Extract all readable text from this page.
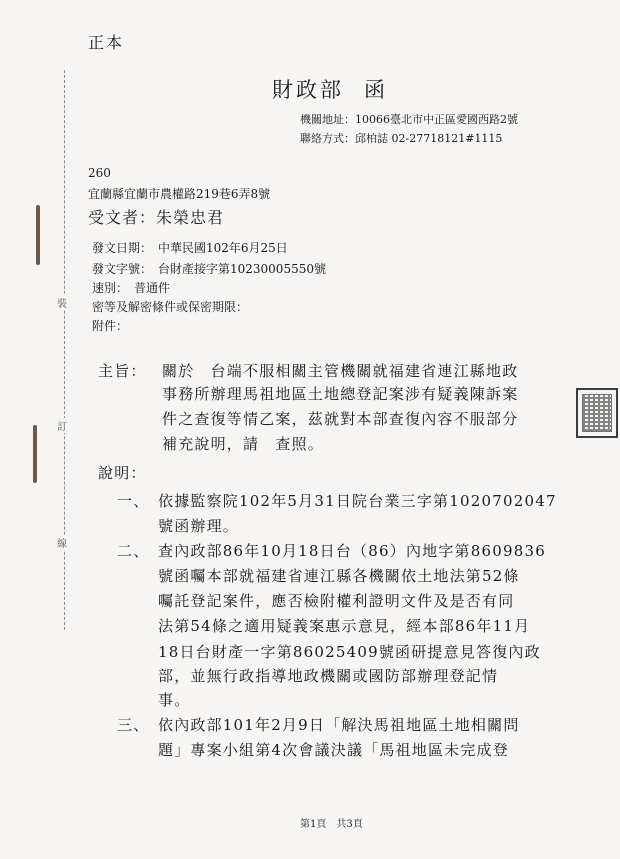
裝
訂
線
正本
財政部 函
機關地址：10066臺北市中正區愛國西路2號
聯絡方式：邱柏誌 02-27718121#1115
260
宜蘭縣宜蘭市農權路219巷6弄8號
受文者：朱榮忠君
發文日期：　中華民國102年6月25日
發文字號：　台財產接字第10230005550號
速別：　普通件
密等及解密條件或保密期限：
附件：
主旨： 關於　台端不服相關主管機關就福建省連江縣地政
事務所辦理馬祖地區土地總登記案涉有疑義陳訴案
件之查復等情乙案，茲就對本部查復內容不服部分
補充說明，請　查照。
說明：
一、 依據監察院102年5月31日院台業三字第1020702047
號函辦理。
二、 查內政部86年10月18日台（86）內地字第8609836
號函囑本部就福建省連江縣各機關依土地法第52條
囑託登記案件，應否檢附權利證明文件及是否有同
法第54條之適用疑義案惠示意見，經本部86年11月
18日台財產一字第86025409號函研提意見答復內政
部，並無行政指導地政機關或國防部辦理登記情
事。
三、 依內政部101年2月9日「解決馬祖地區土地相關問
題」專案小組第4次會議決議「馬祖地區未完成登
第1頁　共3頁
